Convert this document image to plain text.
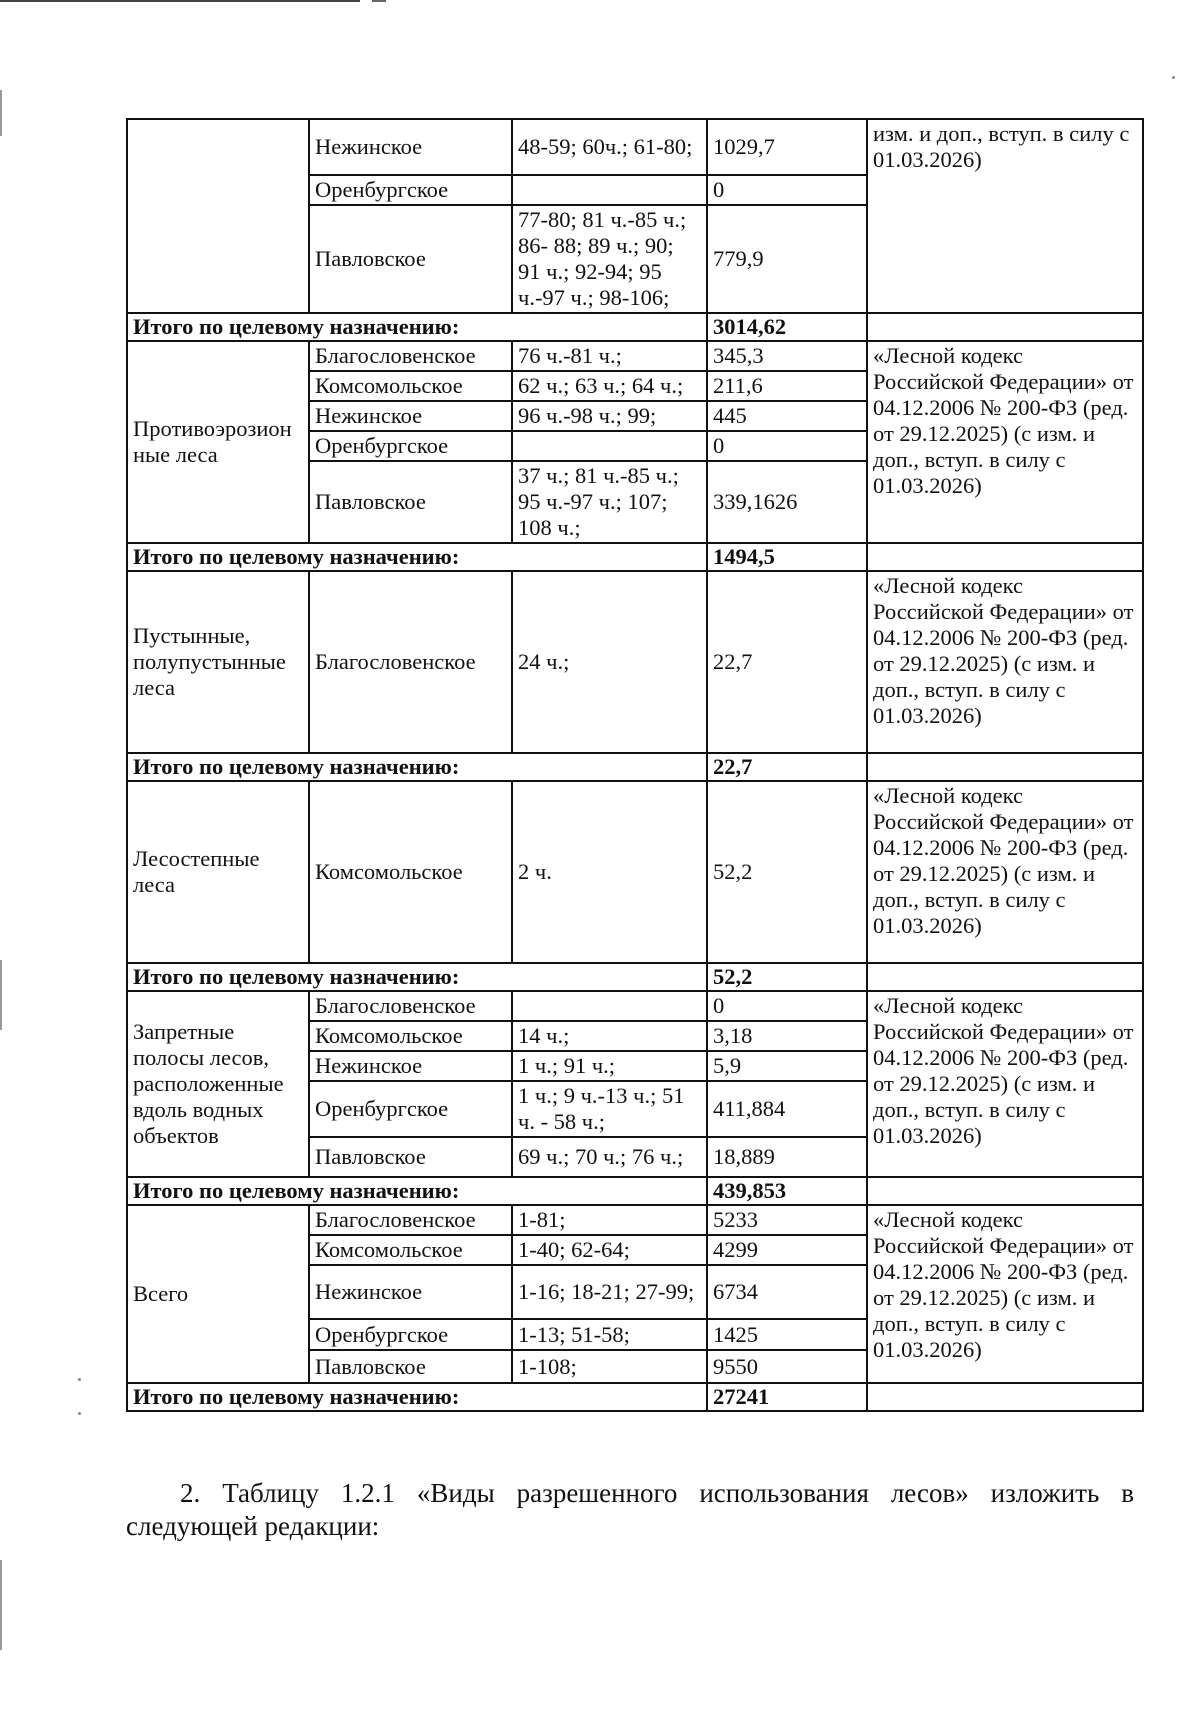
	Нежинское	48-59; 60ч.; 61-80;	1029,7	изм. и доп., вступ. в силу с 01.03.2026)
	Оренбургское		0	
	Павловское	77-80; 81 ч.-85 ч.; 86- 88; 89 ч.; 90; 91 ч.; 92-94; 95 ч.-97 ч.; 98-106;	779,9	
Итого по целевому назначению:			3014,62	
Противоэрозионные леса	Благословенское	76 ч.-81 ч.;	345,3	«Лесной кодекс Российской Федерации» от 04.12.2006 № 200-ФЗ (ред. от 29.12.2025) (с изм. и доп., вступ. в силу с 01.03.2026)
	Комсомольское	62 ч.; 63 ч.; 64 ч.;	211,6	
	Нежинское	96 ч.-98 ч.; 99;	445	
	Оренбургское		0	
	Павловское	37 ч.; 81 ч.-85 ч.; 95 ч.-97 ч.; 107; 108 ч.;	339,1626	
Итого по целевому назначению:			1494,5	
Пустынные, полупустынные леса	Благословенское	24 ч.;	22,7	«Лесной кодекс Российской Федерации» от 04.12.2006 № 200-ФЗ (ред. от 29.12.2025) (с изм. и доп., вступ. в силу с 01.03.2026)
Итого по целевому назначению:			22,7	
Лесостепные леса	Комсомольское	2 ч.	52,2	«Лесной кодекс Российской Федерации» от 04.12.2006 № 200-ФЗ (ред. от 29.12.2025) (с изм. и доп., вступ. в силу с 01.03.2026)
Итого по целевому назначению:			52,2	
Запретные полосы лесов, расположенные вдоль водных объектов	Благословенское		0	«Лесной кодекс Российской Федерации» от 04.12.2006 № 200-ФЗ (ред. от 29.12.2025) (с изм. и доп., вступ. в силу с 01.03.2026)
	Комсомольское	14 ч.;	3,18	
	Нежинское	1 ч.; 91 ч.;	5,9	
	Оренбургское	1 ч.; 9 ч.-13 ч.; 51 ч. - 58 ч.;	411,884	
	Павловское	69 ч.; 70 ч.; 76 ч.;	18,889	
Итого по целевому назначению:			439,853	
Всего	Благословенское	1-81;	5233	«Лесной кодекс Российской Федерации» от 04.12.2006 № 200-ФЗ (ред. от 29.12.2025) (с изм. и доп., вступ. в силу с 01.03.2026)
	Комсомольское	1-40; 62-64;	4299	
	Нежинское	1-16; 18-21; 27-99;	6734	
	Оренбургское	1-13; 51-58;	1425	
	Павловское	1-108;	9550	
Итого по целевому назначению:			27241	

2. Таблицу 1.2.1 «Виды разрешенного использования лесов» изложить в следующей редакции:
